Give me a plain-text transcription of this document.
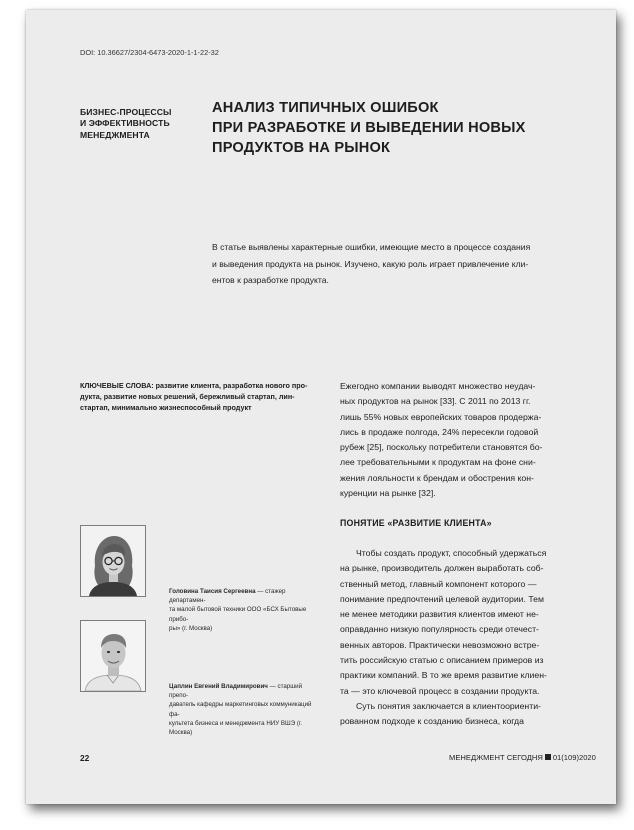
DOI: 10.36627/2304-6473-2020-1-1-22-32
БИЗНЕС-ПРОЦЕССЫ
И ЭФФЕКТИВНОСТЬ
МЕНЕДЖМЕНТА
АНАЛИЗ ТИПИЧНЫХ ОШИБОК
ПРИ РАЗРАБОТКЕ И ВЫВЕДЕНИИ НОВЫХ
ПРОДУКТОВ НА РЫНОК
В статье выявлены характерные ошибки, имеющие место в процессе создания
и выведения продукта на рынок. Изучено, какую роль играет привлечение кли-
ентов к разработке продукта.
КЛЮЧЕВЫЕ СЛОВА: развитие клиента, разработка нового про-
дукта, развитие новых решений, бережливый стартап, лин-
стартап, минимально жизнеспособный продукт
Ежегодно компании выводят множество неудач-
ных продуктов на рынок [33]. С 2011 по 2013 гг.
лишь 55% новых европейских товаров продержа-
лись в продаже полгода, 24% пересекли годовой
рубеж [25], поскольку потребители становятся бо-
лее требовательными к продуктам на фоне сни-
жения лояльности к брендам и обострения кон-
куренции на рынке [32].
ПОНЯТИЕ «РАЗВИТИЕ КЛИЕНТА»
Чтобы создать продукт, способный удержаться
на рынке, производитель должен выработать соб-
ственный метод, главный компонент которого —
понимание предпочтений целевой аудитории. Тем
не менее методики развития клиентов имеют не-
оправданно низкую популярность среди отечест-
венных авторов. Практически невозможно встре-
тить российскую статью с описанием примеров из
практики компаний. В то же время развитие клиен-
та — это ключевой процесс в создании продукта.
Суть понятия заключается в клиентоориенти-
рованном подходе к созданию бизнеса, когда
Головина Таисия Сергеевна — стажер департамен-
та малой бытовой техники ООО «БСХ Бытовые прибо-
ры» (г. Москва)
Цаплин Евгений Владимирович — старший препо-
даватель кафедры маркетинговых коммуникаций фа-
культета бизнеса и менеджмента НИУ ВШЭ (г. Москва)
22	МЕНЕДЖМЕНТ СЕГОДНЯ 01(109)2020
